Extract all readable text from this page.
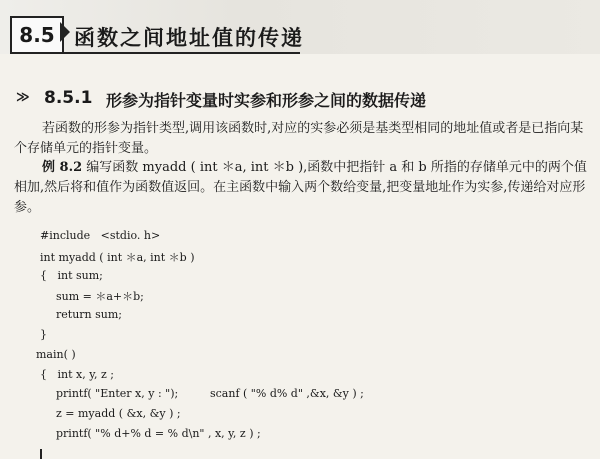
8.5 函数之间地址值的传递
≫ 8.5.1 形参为指针变量时实参和形参之间的数据传递

若函数的形参为指针类型,调用该函数时,对应的实参必须是基类型相同的地址值或者是已指向某个存储单元的指针变量。

例 8.2 编写函数 myadd ( int ＊a, int ＊b ),函数中把指针 a 和 b 所指的存储单元中的两个值相加,然后将和值作为函数值返回。在主函数中输入两个数给变量,把变量地址作为实参,传递给对应形参。

#include   <stdio. h>
int myadd ( int ＊a, int ＊b )
{   int sum;
sum = ＊a+＊b;
return sum;
}
main( )
{   int x, y, z ;
printf( "Enter x, y : ");	scanf ( "% d% d" ,&x, &y ) ;
z = myadd ( &x, &y ) ;
printf( "% d+% d = % d\n" , x, y, z ) ;
